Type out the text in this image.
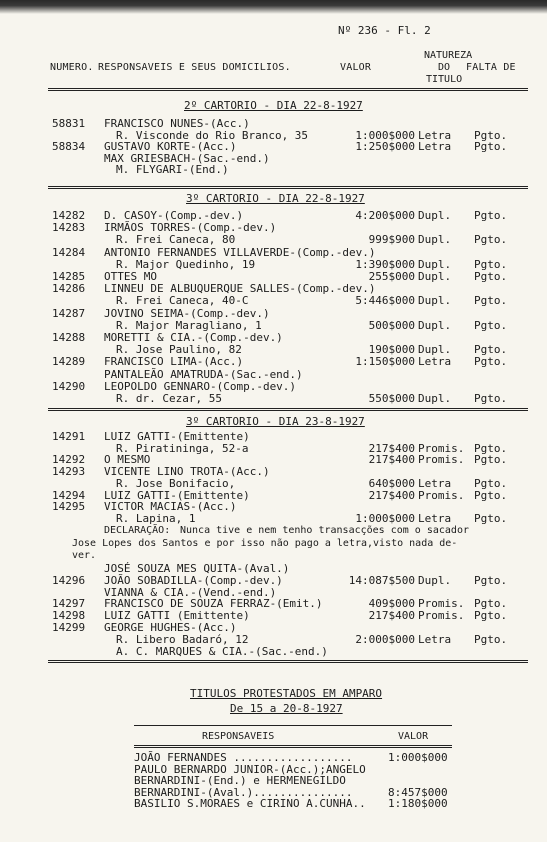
Nº 236 - Fl. 2
NUMERO. RESPONSAVEIS E SEUS DOMICILIOS.	VALOR
NATUREZA
DO
TITULO
FALTA DE
2º CARTORIO - DIA 22-8-1927
58831 FRANCISCO NUNES-(Acc.)
R. Visconde do Rio Branco, 35	1:000$000 Letra Pgto.
58834 GUSTAVO KORTE-(Acc.)	1:250$000 Letra Pgto.
MAX GRIESBACH-(Sac.-end.)
M. FLYGARI-(End.)
3º CARTORIO - DIA 22-8-1927
14282 D. CASOY-(Comp.-dev.)	4:200$000 Dupl. Pgto.
14283 IRMÃOS TORRES-(Comp.-dev.)
R. Frei Caneca, 80	999$900 Dupl. Pgto.
14284 ANTONIO FERNANDES VILLAVERDE-(Comp.-dev.)
R. Major Quedinho, 19	1:390$000 Dupl. Pgto.
14285 OTTES MO	255$000 Dupl. Pgto.
14286 LINNEU DE ALBUQUERQUE SALLES-(Comp.-dev.)
R. Frei Caneca, 40-C	5:446$000 Dupl. Pgto.
14287 JOVINO SEIMA-(Comp.-dev.)
R. Major Maragliano, 1	500$000 Dupl. Pgto.
14288 MORETTI & CIA.-(Comp.-dev.)
R. Jose Paulino, 82	190$000 Dupl. Pgto.
14289 FRANCISCO LIMA-(Acc.)	1:150$000 Letra Pgto.
PANTALEÃO AMATRUDA-(Sac.-end.)
14290 LEOPOLDO GENNARO-(Comp.-dev.)
R. dr. Cezar, 55	550$000 Dupl. Pgto.
3º CARTORIO - DIA 23-8-1927
14291 LUIZ GATTI-(Emittente)
R. Piratininga, 52-a	217$400 Promis. Pgto.
14292 O MESMO	217$400 Promis. Pgto.
14293 VICENTE LINO TROTA-(Acc.)
R. Jose Bonifacio,	640$000 Letra Pgto.
14294 LUIZ GATTI-(Emittente)	217$400 Promis. Pgto.
14295 VICTOR MACIAS-(Acc.)
R. Lapina, 1	1:000$000 Letra Pgto.
DECLARAÇÃO: Nunca tive e nem tenho transacções com o sacador
Jose Lopes dos Santos e por isso não pago a letra,visto nada de-
ver.
JOSÉ SOUZA MES QUITA-(Aval.)
14296 JOÃO SOBADILLA-(Comp.-dev.)	14:087$500 Dupl. Pgto.
VIANNA & CIA.-(Vend.-end.)
14297 FRANCISCO DE SOUZA FERRAZ-(Emit.)	409$000 Promis. Pgto.
14298 LUIZ GATTI (Emittente)	217$400 Promis. Pgto.
14299 GEORGE HUGHES-(Acc.)
R. Libero Badaró, 12	2:000$000 Letra Pgto.
A. C. MARQUES & CIA.-(Sac.-end.)
TITULOS PROTESTADOS EM AMPARO
De 15 a 20-8-1927
RESPONSAVEIS	VALOR
JOÃO FERNANDES ..................	1:000$000
PAULO BERNARDO JUNIOR-(Acc.);ANGELO
BERNARDINI-(End.) e HERMENEGILDO
BERNARDINI-(Aval.)...............	8:457$000
BASILIO S.MORAES e CIRINO A.CUNHA.. 1:180$000
